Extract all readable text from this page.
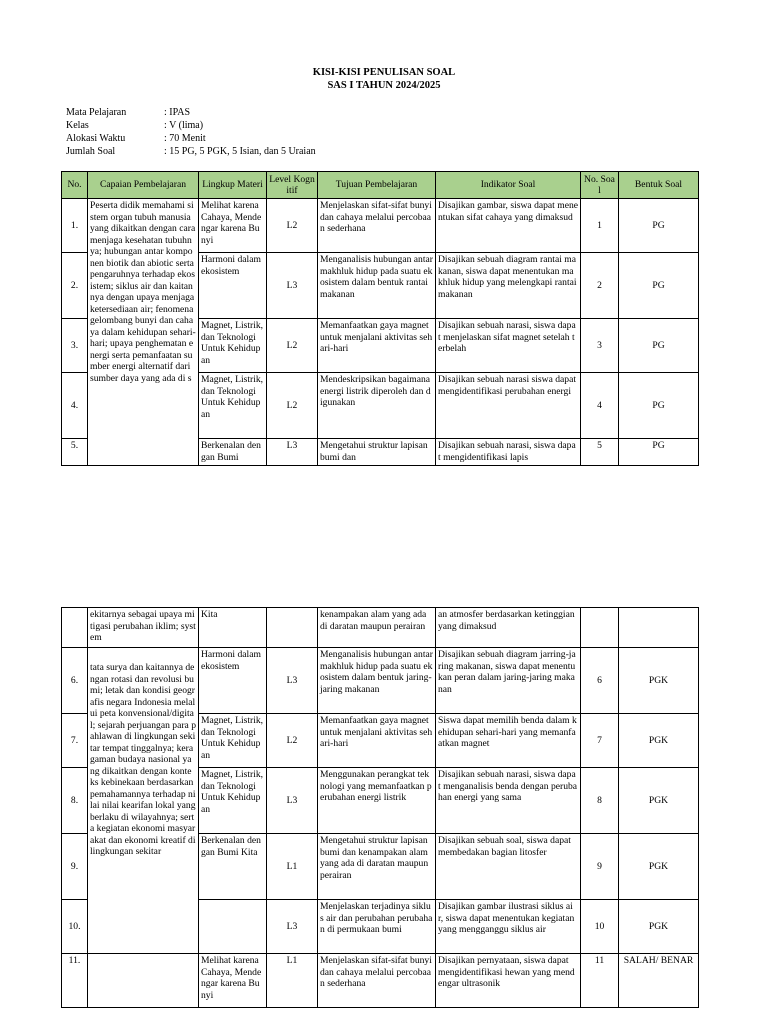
KISI-KISI PENULISAN SOAL
SAS I TAHUN 2024/2025
Mata Pelajaran	: IPAS
Kelas	: V (lima)
Alokasi Waktu	: 70 Menit
Jumlah Soal	: 15 PG, 5 PGK, 5 Isian, dan 5 Uraian
No.	Capaian Pembelajaran	Lingkup Materi	Level Kognitif	Tujuan Pembelajaran	Indikator Soal	No. Soal	Bentuk Soal
1.	Peserta didik memahami sistem organ tubuh manusia yang dikaitkan dengan cara menjaga kesehatan tubuhnya; hubungan antar komponen biotik dan abiotic serta pengaruhnya terhadap ekosistem; siklus air dan kaitannya dengan upaya menjaga ketersediaan air; fenomena gelombang bunyi dan cahaya dalam kehidupan sehari-hari; upaya penghematan energi serta pemanfaatan sumber energi alternatif dari sumber daya yang ada di s	Melihat karena Cahaya, Mendengar karena Bunyi	L2	Menjelaskan sifat-sifat bunyi dan cahaya melalui percobaan sederhana	Disajikan gambar, siswa dapat menentukan sifat cahaya yang dimaksud	1	PG
2.		Harmoni dalam ekosistem	L3	Menganalisis hubungan antarmakhluk hidup pada suatu ekosistem dalam bentuk rantai makanan	Disajikan sebuah diagram rantai makanan, siswa dapat menentukan makhluk hidup yang melengkapi rantai makanan	2	PG
3.		Magnet, Listrik, dan Teknologi Untuk Kehidupan	L2	Memanfaatkan gaya magnet untuk menjalani aktivitas sehari-hari	Disajikan sebuah narasi, siswa dapat menjelaskan sifat magnet setelah terbelah	3	PG
4.		Magnet, Listrik, dan Teknologi Untuk Kehidupan	L2	Mendeskripsikan bagaimana energi listrik diperoleh dan digunakan	Disajikan sebuah narasi siswa dapat mengidentifikasi perubahan energi	4	PG
5.		Berkenalan dengan Bumi	L3	Mengetahui struktur lapisan bumi dan	Disajikan sebuah narasi, siswa dapat mengidentifikasi lapis	5	PG
	ekitarnya sebagai upaya mitigasi perubahan iklim; system	Kita		kenampakan alam yang ada di daratan maupun perairan	an atmosfer berdasarkan ketinggian yang dimaksud		
6.	tata surya dan kaitannya dengan rotasi dan revolusi bumi; letak dan kondisi geografis negara Indonesia melalui peta konvensional/digital; sejarah perjuangan para pahlawan di lingkungan sekitar tempat tinggalnya; keragaman budaya nasional yang dikaitkan dengan konteks kebinekaan berdasarkan pemahamannya terhadap nilai nilai kearifan lokal yang berlaku di wilayahnya; serta kegiatan ekonomi masyarakat dan ekonomi kreatif di lingkungan sekitar	Harmoni dalam ekosistem	L3	Menganalisis hubungan antarmakhluk hidup pada suatu ekosistem dalam bentuk jaring-jaring makanan	Disajikan sebuah diagram jarring-jaring makanan, siswa dapat menentukan peran dalam jaring-jaring makanan	6	PGK
7.		Magnet, Listrik, dan Teknologi Untuk Kehidupan	L2	Memanfaatkan gaya magnet untuk menjalani aktivitas sehari-hari	Siswa dapat memilih benda dalam kehidupan sehari-hari yang memanfaatkan magnet	7	PGK
8.		Magnet, Listrik, dan Teknologi Untuk Kehidupan	L3	Menggunakan perangkat teknologi yang memanfaatkan perubahan energi listrik	Disajikan sebuah narasi, siswa dapat menganalisis benda dengan perubahan energi yang sama	8	PGK
9.		Berkenalan dengan Bumi Kita	L1	Mengetahui struktur lapisan bumi dan kenampakan alam yang ada di daratan maupun perairan	Disajikan sebuah soal, siswa dapat membedakan bagian litosfer	9	PGK
10.			L3	Menjelaskan terjadinya siklus air dan perubahan perubahan di permukaan bumi	Disajikan gambar ilustrasi siklus air, siswa dapat menentukan kegiatan yang mengganggu siklus air	10	PGK
11.		Melihat karena Cahaya, Mendengar karena Bunyi	L1	Menjelaskan sifat-sifat bunyi dan cahaya melalui percobaan sederhana	Disajikan pernyataan, siswa dapat mengidentifikasi hewan yang mendengar ultrasonik	11	SALAH/ BENAR
